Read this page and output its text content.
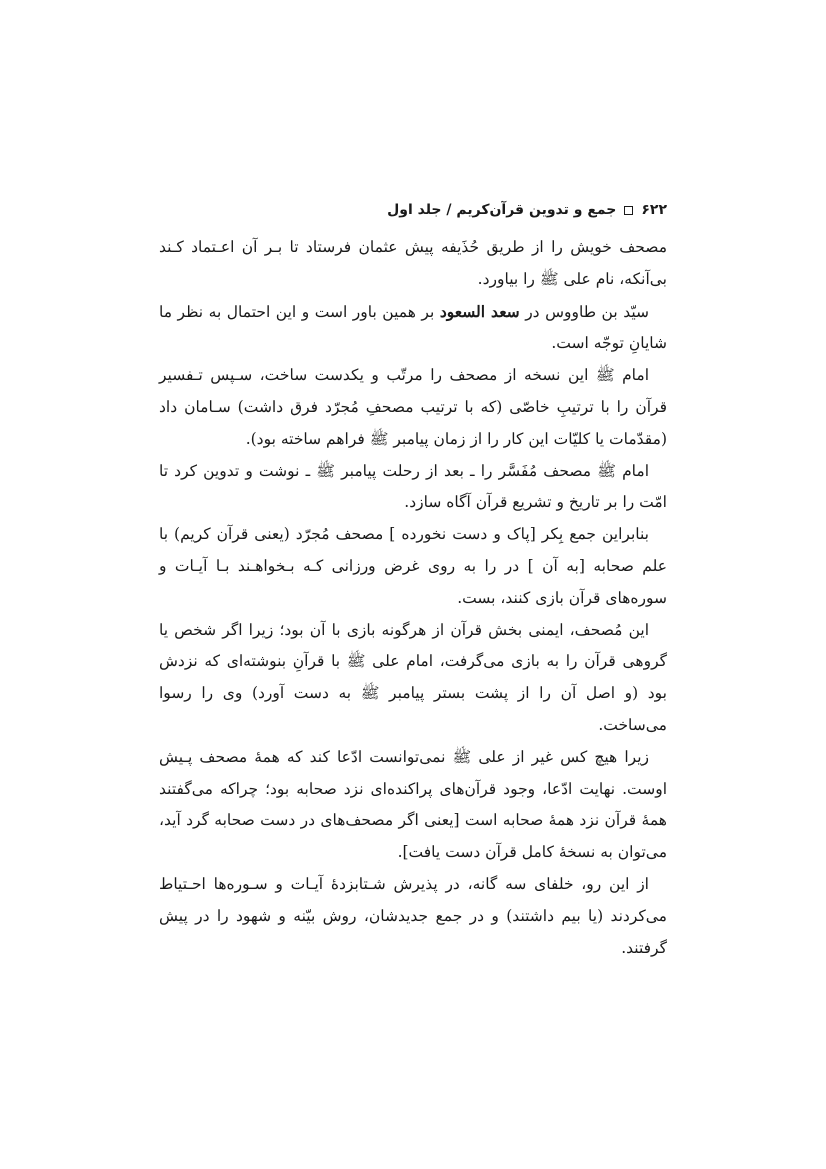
۶۲۲
جمع و تدوین قرآن‌کریم / جلد اول

مصحف خویش را از طریق حُذَیفه پیش عثمان فرستاد تا بـر آن اعـتماد کـند بی‌آنکه، نام علی ﷺ را بیاورد.

سیّد بن طاووس در سعد السعود بر همین باور است و این احتمال به نظر ما شایانِ توجّه است.

امام ﷺ این نسخه از مصحف را مرتّب و یکدست ساخت، سـپس تـفسیر قرآن را با ترتیبِ خاصّی (که با ترتیب مصحفِ مُجرّد فرق داشت) سـامان داد (مقدّمات یا کلیّات این کار را از زمان پیامبر ﷺ فراهم ساخته بود).

امام ﷺ مصحف مُفَسَّر را ـ بعد از رحلت پیامبر ﷺ ـ نوشت و تدوین کرد تا امّت را بر تاریخ و تشریع قرآن آگاه سازد.

بنابراین جمع بِکر [پاک و دست نخورده ] مصحف مُجرّد (یعنی قرآن کریم) با علم صحابه [به آن ] در را به روی غرض ورزانی کـه بـخواهـند بـا آیـات و سوره‌های قرآن بازی کنند، بست.

این مُصحف، ایمنی بخش قرآن از هرگونه بازی با آن بود؛ زیرا اگر شخص یا گروهی قرآن را به بازی می‌گرفت، امام علی ﷺ با قرآنِ بنوشته‌ای که نزدش بود (و اصل آن را از پشت بستر پیامبر ﷺ به دست آورد) وی را رسوا می‌ساخت.

زیرا هیچ کس غیر از علی ﷺ نمی‌توانست ادّعا کند که همهٔ مصحف پـیش اوست. نهایت ادّعا، وجود قرآن‌های پراکنده‌ای نزد صحابه بود؛ چراکه می‌گفتند همهٔ قرآن نزد همهٔ صحابه است [یعنی اگر مصحف‌های در دست صحابه گرد آید، می‌توان به نسخهٔ کامل قرآن دست یافت].

از این رو، خلفای سه گانه، در پذیرش شـتابزدهٔ آیـات و سـوره‌ها احـتیاط می‌کردند (یا بیم داشتند) و در جمع جدیدشان، روش بیّنه و شهود را در پیش گرفتند.
